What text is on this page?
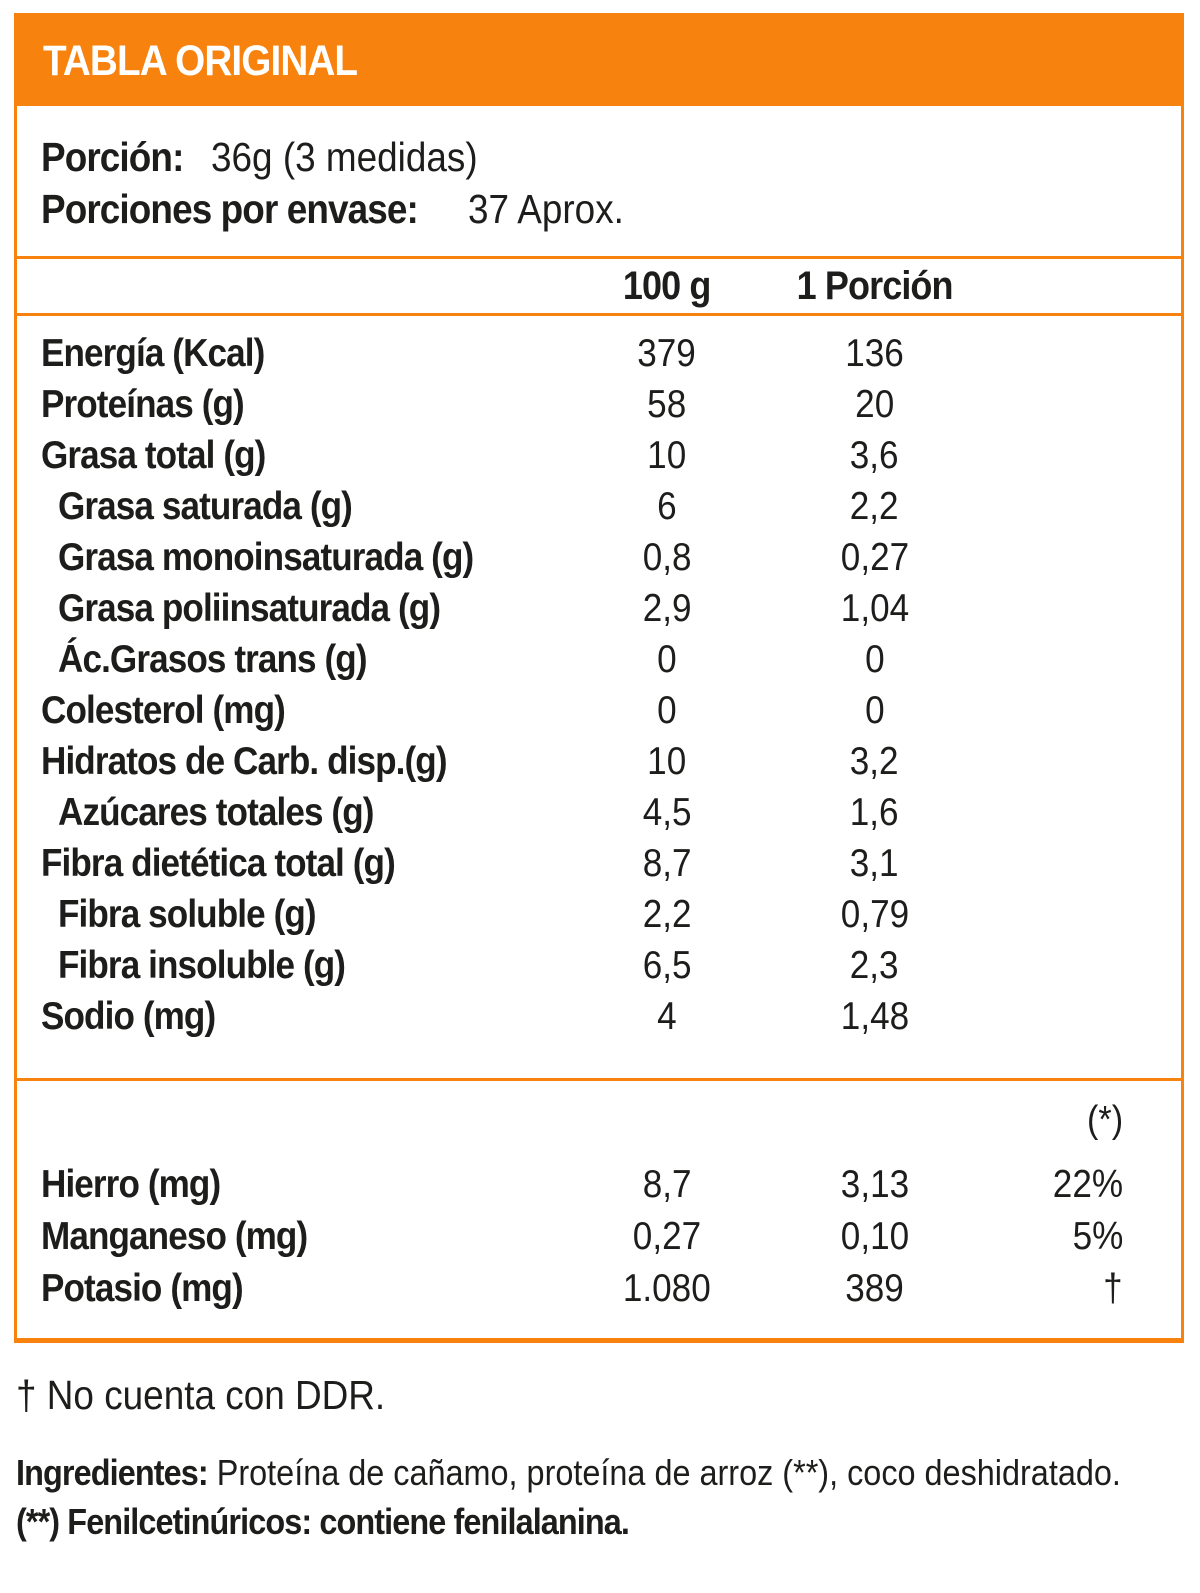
TABLA ORIGINAL
Porción: 36g (3 medidas)
Porciones por envase: 37 Aprox.
100 g	1 Porción
Energía (Kcal)	379	136
Proteínas (g)	58	20
Grasa total (g)	10	3,6
Grasa saturada (g)	6	2,2
Grasa monoinsaturada (g)	0,8	0,27
Grasa poliinsaturada (g)	2,9	1,04
Ác.Grasos trans (g)	0	0
Colesterol (mg)	0	0
Hidratos de Carb. disp.(g)	10	3,2
Azúcares totales (g)	4,5	1,6
Fibra dietética total (g)	8,7	3,1
Fibra soluble (g)	2,2	0,79
Fibra insoluble (g)	6,5	2,3
Sodio (mg)	4	1,48
(*)
Hierro (mg)	8,7	3,13	22%
Manganeso (mg)	0,27	0,10	5%
Potasio (mg)	1.080	389	†
† No cuenta con DDR.
Ingredientes: Proteína de cañamo, proteína de arroz (**), coco deshidratado.
(**) Fenilcetinúricos: contiene fenilalanina.
